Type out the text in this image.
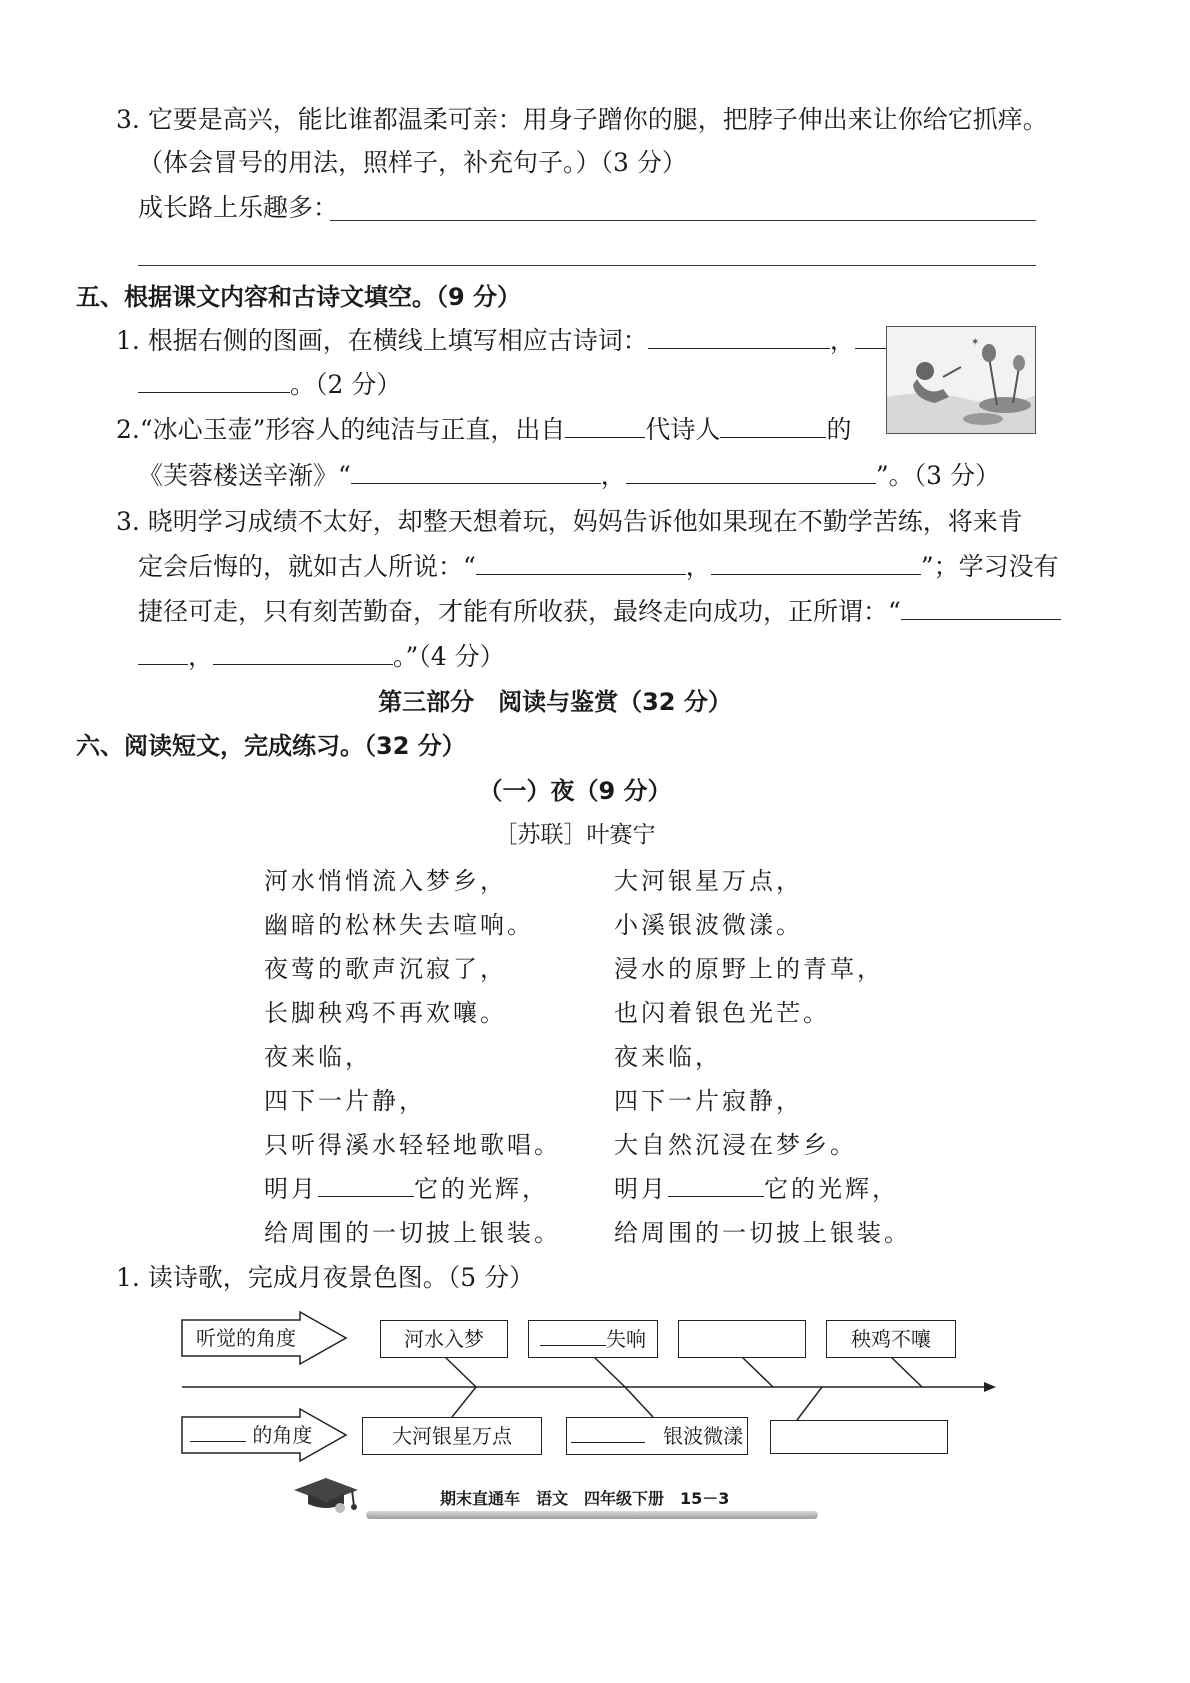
3. 它要是高兴，能比谁都温柔可亲：用身子蹭你的腿，把脖子伸出来让你给它抓痒。
（体会冒号的用法，照样子，补充句子。）（3 分）
成长路上乐趣多：
五、根据课文内容和古诗文填空。（9 分）
1. 根据右侧的图画，在横线上填写相应古诗词：	，
。（2 分）
✶
2.“冰心玉壶”形容人的纯洁与正直，出自	代诗人	的
《芙蓉楼送辛渐》“	，	”。（3 分）
3. 晓明学习成绩不太好，却整天想着玩，妈妈告诉他如果现在不勤学苦练，将来肯
定会后悔的，就如古人所说：“	，	”；学习没有
捷径可走，只有刻苦勤奋，才能有所收获，最终走向成功，正所谓：“
，	。”（4 分）
第三部分　阅读与鉴赏（32 分）
六、阅读短文，完成练习。（32 分）
（一）夜（9 分）
［苏联］叶赛宁
河水悄悄流入梦乡，
幽暗的松林失去喧响。
夜莺的歌声沉寂了，
长脚秧鸡不再欢嚷。
夜来临，
四下一片静，
只听得溪水轻轻地歌唱。
明月	它的光辉，
给周围的一切披上银装。
大河银星万点，
小溪银波微漾。
浸水的原野上的青草，
也闪着银色光芒。
夜来临，
四下一片寂静，
大自然沉浸在梦乡。
明月	它的光辉，
给周围的一切披上银装。
1. 读诗歌，完成月夜景色图。（5 分）
听觉的角度
的角度
河水入梦	失响	秧鸡不嚷
大河银星万点	银波微漾
期末直通车　语文　四年级下册　15－3
